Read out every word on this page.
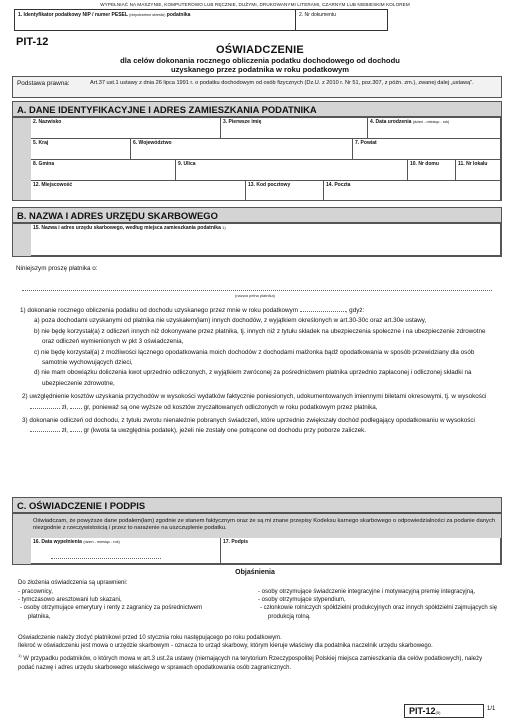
WYPEŁNIAĆ NA MASZYNIE, KOMPUTEROWO LUB RĘCZNIE, DUŻYMI, DRUKOWANYMI LITERAMI, CZARNYM LUB NIEBIESKIM KOLOREM
1. Identyfikator podatkowy NIP / numer PESEL (niepotrzebne skreślić) podatnika	2. Nr dokumentu
PIT-12
OŚWIADCZENIE
dla celów dokonania rocznego obliczenia podatku dochodowego od dochodu
uzyskanego przez podatnika w roku podatkowym
Podstawa prawna:	Art.37 ust.1 ustawy z dnia 26 lipca 1991 r. o podatku dochodowym od osób fizycznych (Dz.U. z 2010 r. Nr 51, poz.307, z późn. zm.), zwanej dalej „ustawą”.
A. DANE IDENTYFIKACYJNE I ADRES ZAMIESZKANIA PODATNIKA
2. Nazwisko	3. Pierwsze imię	4. Data urodzenia (dzień - miesiąc - rok)
5. Kraj	6. Województwo	7. Powiat
8. Gmina	9. Ulica	10. Nr domu	11. Nr lokalu
12. Miejscowość	13. Kod pocztowy	14. Poczta
B. NAZWA I ADRES URZĘDU SKARBOWEGO
15. Nazwa i adres urzędu skarbowego, według miejsca zamieszkania podatnika 1)
Niniejszym proszę płatnika o:
(nazwa pełna płatnika)
1) dokonanie rocznego obliczenia podatku od dochodu uzyskanego przez mnie w roku podatkowym	, gdyż:
a) poza dochodami uzyskanymi od płatnika nie uzyskałem(łam) innych dochodów, z wyjątkiem określonych w art.30-30c oraz art.30e ustawy,
b) nie będę korzystał(a) z odliczeń innych niż dokonywane przez płatnika, tj. innych niż z tytułu składek na ubezpieczenia społeczne i na ubezpieczenie zdrowotne oraz odliczeń wymienionych w pkt 3 oświadczenia,
c) nie będę korzystał(a) z możliwości łącznego opodatkowania moich dochodów z dochodami małżonka bądź opodatkowania w sposób przewidziany dla osób samotnie wychowujących dzieci,
d) nie mam obowiązku doliczenia kwot uprzednio odliczonych, z wyjątkiem zwróconej za pośrednictwem płatnika uprzednio zapłaconej i odliczonej składki na ubezpieczenie zdrowotne,
2) uwzględnienie kosztów uzyskania przychodów w wysokości wydatków faktycznie poniesionych, udokumentowanych imiennymi biletami okresowymi, tj. w wysokości  zł, gr, ponieważ są one wyższe od kosztów zryczałtowanych odliczonych w roku podatkowym przez płatnika,
3) dokonanie odliczeń od dochodu, z tytułu zwrotu nienależnie pobranych świadczeń, które uprzednio zwiększały dochód podlegający opodatkowaniu w wysokości  zł, gr (kwota ta uwzględnia podatek), jeżeli nie zostały one potrącone od dochodu przy poborze zaliczek.
C. OŚWIADCZENIE I PODPIS
Oświadczam, że powyższe dane podałem(łam) zgodnie ze stanem faktycznym oraz że są mi znane przepisy Kodeksu karnego skarbowego o odpowiedzialności za podanie danych niezgodnie z rzeczywistością i przez to narażenie na uszczuplenie podatku.
16. Data wypełnienia (dzień - miesiąc - rok)	17. Podpis
Objaśnienia
Do złożenia oświadczenia są uprawnieni:
- pracownicy,
- tymczasowo aresztowani lub skazani,
- osoby otrzymujące emerytury i renty z zagranicy za pośrednictwem płatnika,
- osoby otrzymujące świadczenie integracyjne i motywacyjną premię integracyjną,
- osoby otrzymujące stypendium,
- członkowie rolniczych spółdzielni produkcyjnych oraz innych spółdzielni zajmujących się produkcją rolną.
Oświadczenie należy złożyć płatnikowi przed 10 stycznia roku następującego po roku podatkowym.
Ilekroć w oświadczeniu jest mowa o urzędzie skarbowym - oznacza to urząd skarbowy, którym kieruje właściwy dla podatnika naczelnik urzędu skarbowego.
$^{1)}$ W przypadku podatników, o których mowa w art.3 ust.2a ustawy (niemających na terytorium Rzeczypospolitej Polskiej miejsca zamieszkania dla celów podatkowych), należy podać nazwę i adres urzędu skarbowego właściwego w sprawach opodatkowania osób zagranicznych.
PIT-12(5)
1/1
